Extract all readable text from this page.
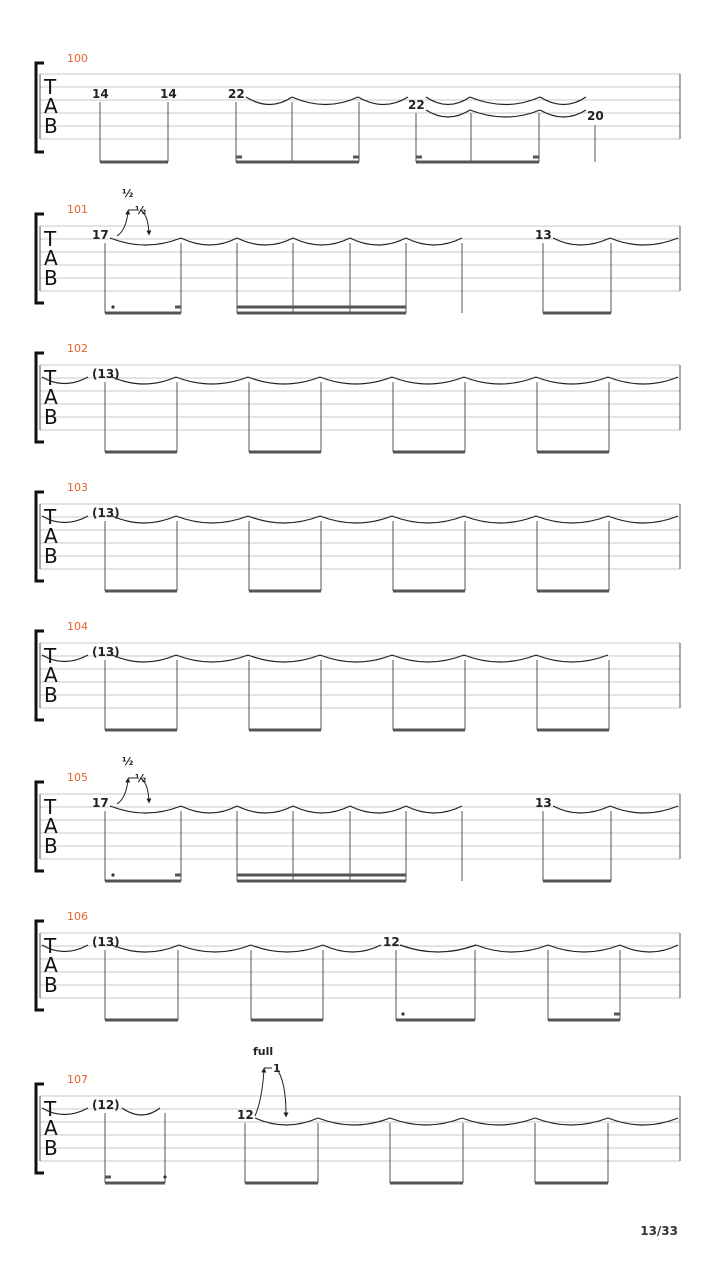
100
T
A
B
14	14	22
22
20
101
T
A
B
½
½
17	13
102
T
A
B
(13)
103
T
A
B
(13)
104
T
A
B
(13)
105
T
A
B
½
½
17	13
106
T
A
B
(13)	12
107
T
A
B
full
1
(12)
12
13/33
